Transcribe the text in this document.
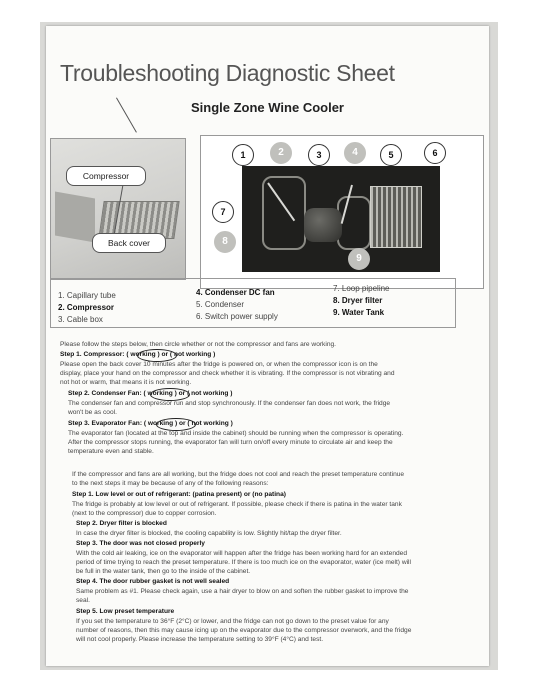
Troubleshooting Diagnostic Sheet
Single Zone Wine Cooler
Compressor
Back cover
1	2	3	4	5	6
7
8
9
1. Capillary tube
2. Compressor
3. Cable box
4. Condenser DC fan
5. Condenser
6. Switch power supply
7. Loop pipeline
8. Dryer filter
9. Water Tank
Please follow the steps below, then circle whether or not the compressor and fans are working.
Step 1. Compressor: ( working ) or ( not working )
Please open the back cover 10 minutes after the fridge is powered on, or when the compressor icon is on the
display, place your hand on the compressor and check whether it is vibrating. If the compressor is not vibrating and
not hot or warm, that means it is not working.
Step 2. Condenser Fan: ( working ) or ( not working )
The condenser fan and compressor run and stop synchronously. If the condenser fan does not work, the fridge
won't be as cool.
Step 3. Evaporator Fan: ( working ) or ( not working )
The evaporator fan (located at the top and inside the cabinet) should be running when the compressor is operating.
After the compressor stops running, the evaporator fan will turn on/off every minute to circulate air and keep the
temperature even and stable.
If the compressor and fans are all working, but the fridge does not cool and reach the preset temperature continue
to the next steps it may be because of any of the following reasons:
Step 1. Low level or out of refrigerant: (patina present) or (no patina)
The fridge is probably at low level or out of refrigerant. If possible, please check if there is patina in the water tank
(next to the compressor) due to copper corrosion.
Step 2. Dryer filter is blocked
In case the dryer filter is blocked, the cooling capability is low. Slightly hit/tap the dryer filter.
Step 3. The door was not closed properly
With the cold air leaking, ice on the evaporator will happen after the fridge has been working hard for an extended
period of time trying to reach the preset temperature. If there is too much ice on the evaporator, water (ice melt) will
be full in the water tank, then go to the inside of the cabinet.
Step 4. The door rubber gasket is not well sealed
Same problem as #1. Please check again, use a hair dryer to blow on and soften the rubber gasket to improve the
seal.
Step 5. Low preset temperature
If you set the temperature to 36°F (2°C) or lower, and the fridge can not go down to the preset value for any
number of reasons, then this may cause icing up on the evaporator due to the compressor overwork, and the fridge
will not cool properly. Please increase the temperature setting to 39°F (4°C) and test.
